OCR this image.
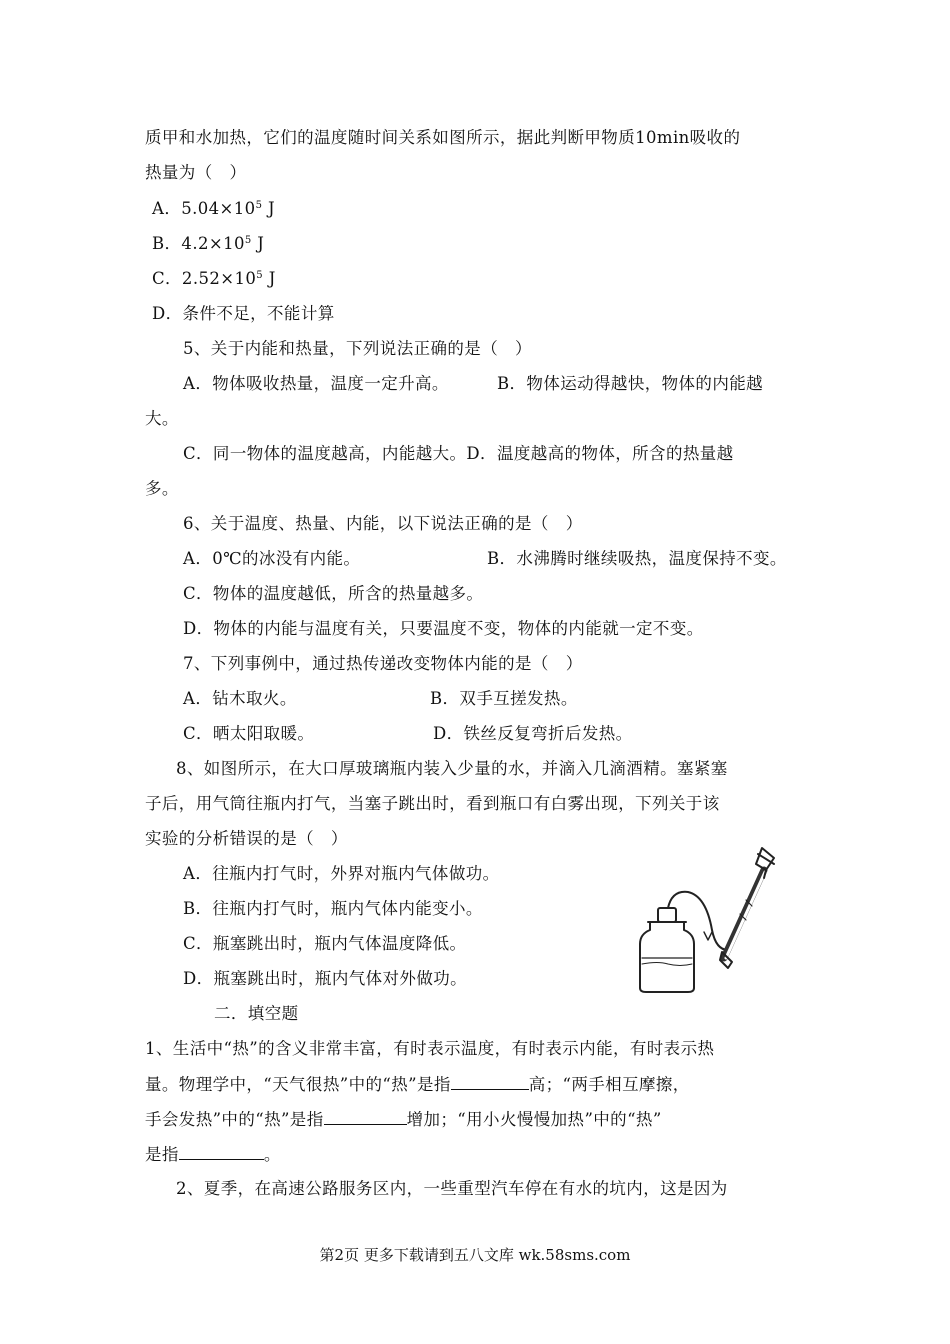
质甲和水加热，它们的温度随时间关系如图所示，据此判断甲物质10min吸收的
热量为（　）
A．$5.04\times 10^5$ J
B．$4.2\times 10^5$ J
C．$2.52\times 10^5$ J
D．条件不足，不能计算
5、关于内能和热量，下列说法正确的是（　）
A．物体吸收热量，温度一定升高。	B．物体运动得越快，物体的内能越
大。
C．同一物体的温度越高，内能越大。D．温度越高的物体，所含的热量越
多。
6、关于温度、热量、内能，以下说法正确的是（　）
A．0℃的冰没有内能。	B．水沸腾时继续吸热，温度保持不变。
C．物体的温度越低，所含的热量越多。
D．物体的内能与温度有关，只要温度不变，物体的内能就一定不变。
7、下列事例中，通过热传递改变物体内能的是（　）
A．钻木取火。	B．双手互搓发热。
C．晒太阳取暖。	D．铁丝反复弯折后发热。
8、如图所示，在大口厚玻璃瓶内装入少量的水，并滴入几滴酒精。塞紧塞
子后，用气筒往瓶内打气，当塞子跳出时，看到瓶口有白雾出现，下列关于该
实验的分析错误的是（　）
A．往瓶内打气时，外界对瓶内气体做功。
B．往瓶内打气时，瓶内气体内能变小。
C．瓶塞跳出时，瓶内气体温度降低。
D．瓶塞跳出时，瓶内气体对外做功。
二．填空题
1、生活中“热”的含义非常丰富，有时表示温度，有时表示内能，有时表示热
量。物理学中，“天气很热”中的“热”是指	高；“两手相互摩擦，
手会发热”中的“热”是指	增加；“用小火慢慢加热”中的“热”
是指	。
2、夏季，在高速公路服务区内，一些重型汽车停在有水的坑内，这是因为
第2页 更多下载请到五八文库 wk.58sms.com
